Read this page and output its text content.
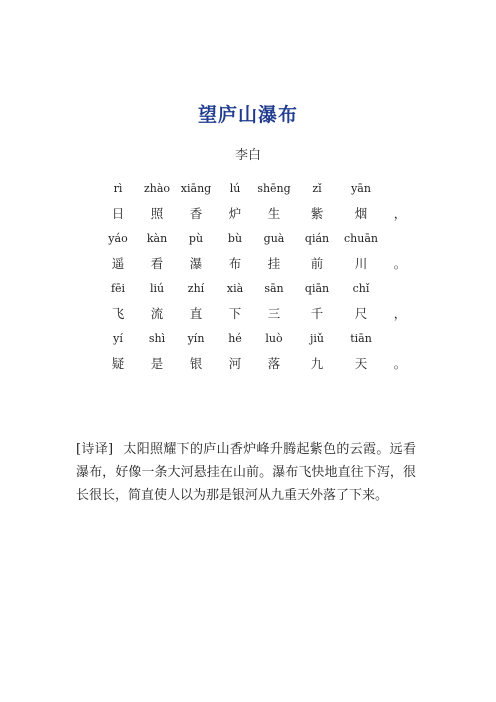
望庐山瀑布
李白
rì
日
zhào
照
xiāng
香
lú
炉
shēng
生
zǐ
紫
yān
烟 ，
yáo
遥
kàn
看
pù
瀑
bù
布
guà
挂
qián
前
chuān
川 。
fēi
飞
liú
流
zhí
直
xià
下
sān
三
qiān
千
chǐ
尺 ，
yí
疑
shì
是
yín
银
hé
河
luò
落
jiǔ
九
tiān
天 。
[诗译] 太阳照耀下的庐山香炉峰升腾起紫色的云霞。远看瀑布，好像一条大河悬挂在山前。瀑布飞快地直往下泻，很长很长，简直使人以为那是银河从九重天外落了下来。
